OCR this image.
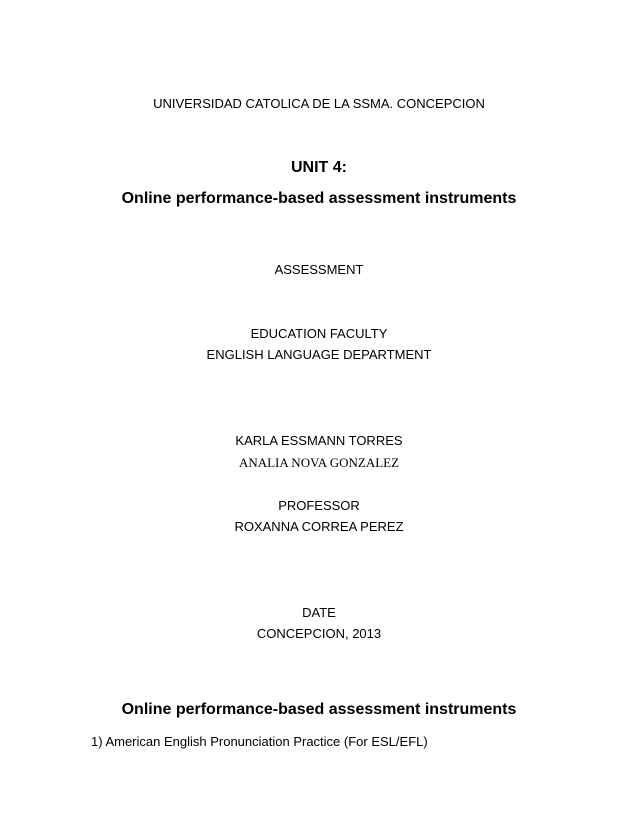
UNIVERSIDAD CATOLICA DE LA SSMA. CONCEPCION
UNIT 4:
Online performance-based assessment instruments
ASSESSMENT
EDUCATION FACULTY
ENGLISH LANGUAGE DEPARTMENT
KARLA ESSMANN TORRES
ANALIA NOVA GONZALEZ
PROFESSOR
ROXANNA CORREA PEREZ
DATE
CONCEPCION, 2013
Online performance-based assessment instruments
1) American English Pronunciation Practice (For ESL/EFL)
